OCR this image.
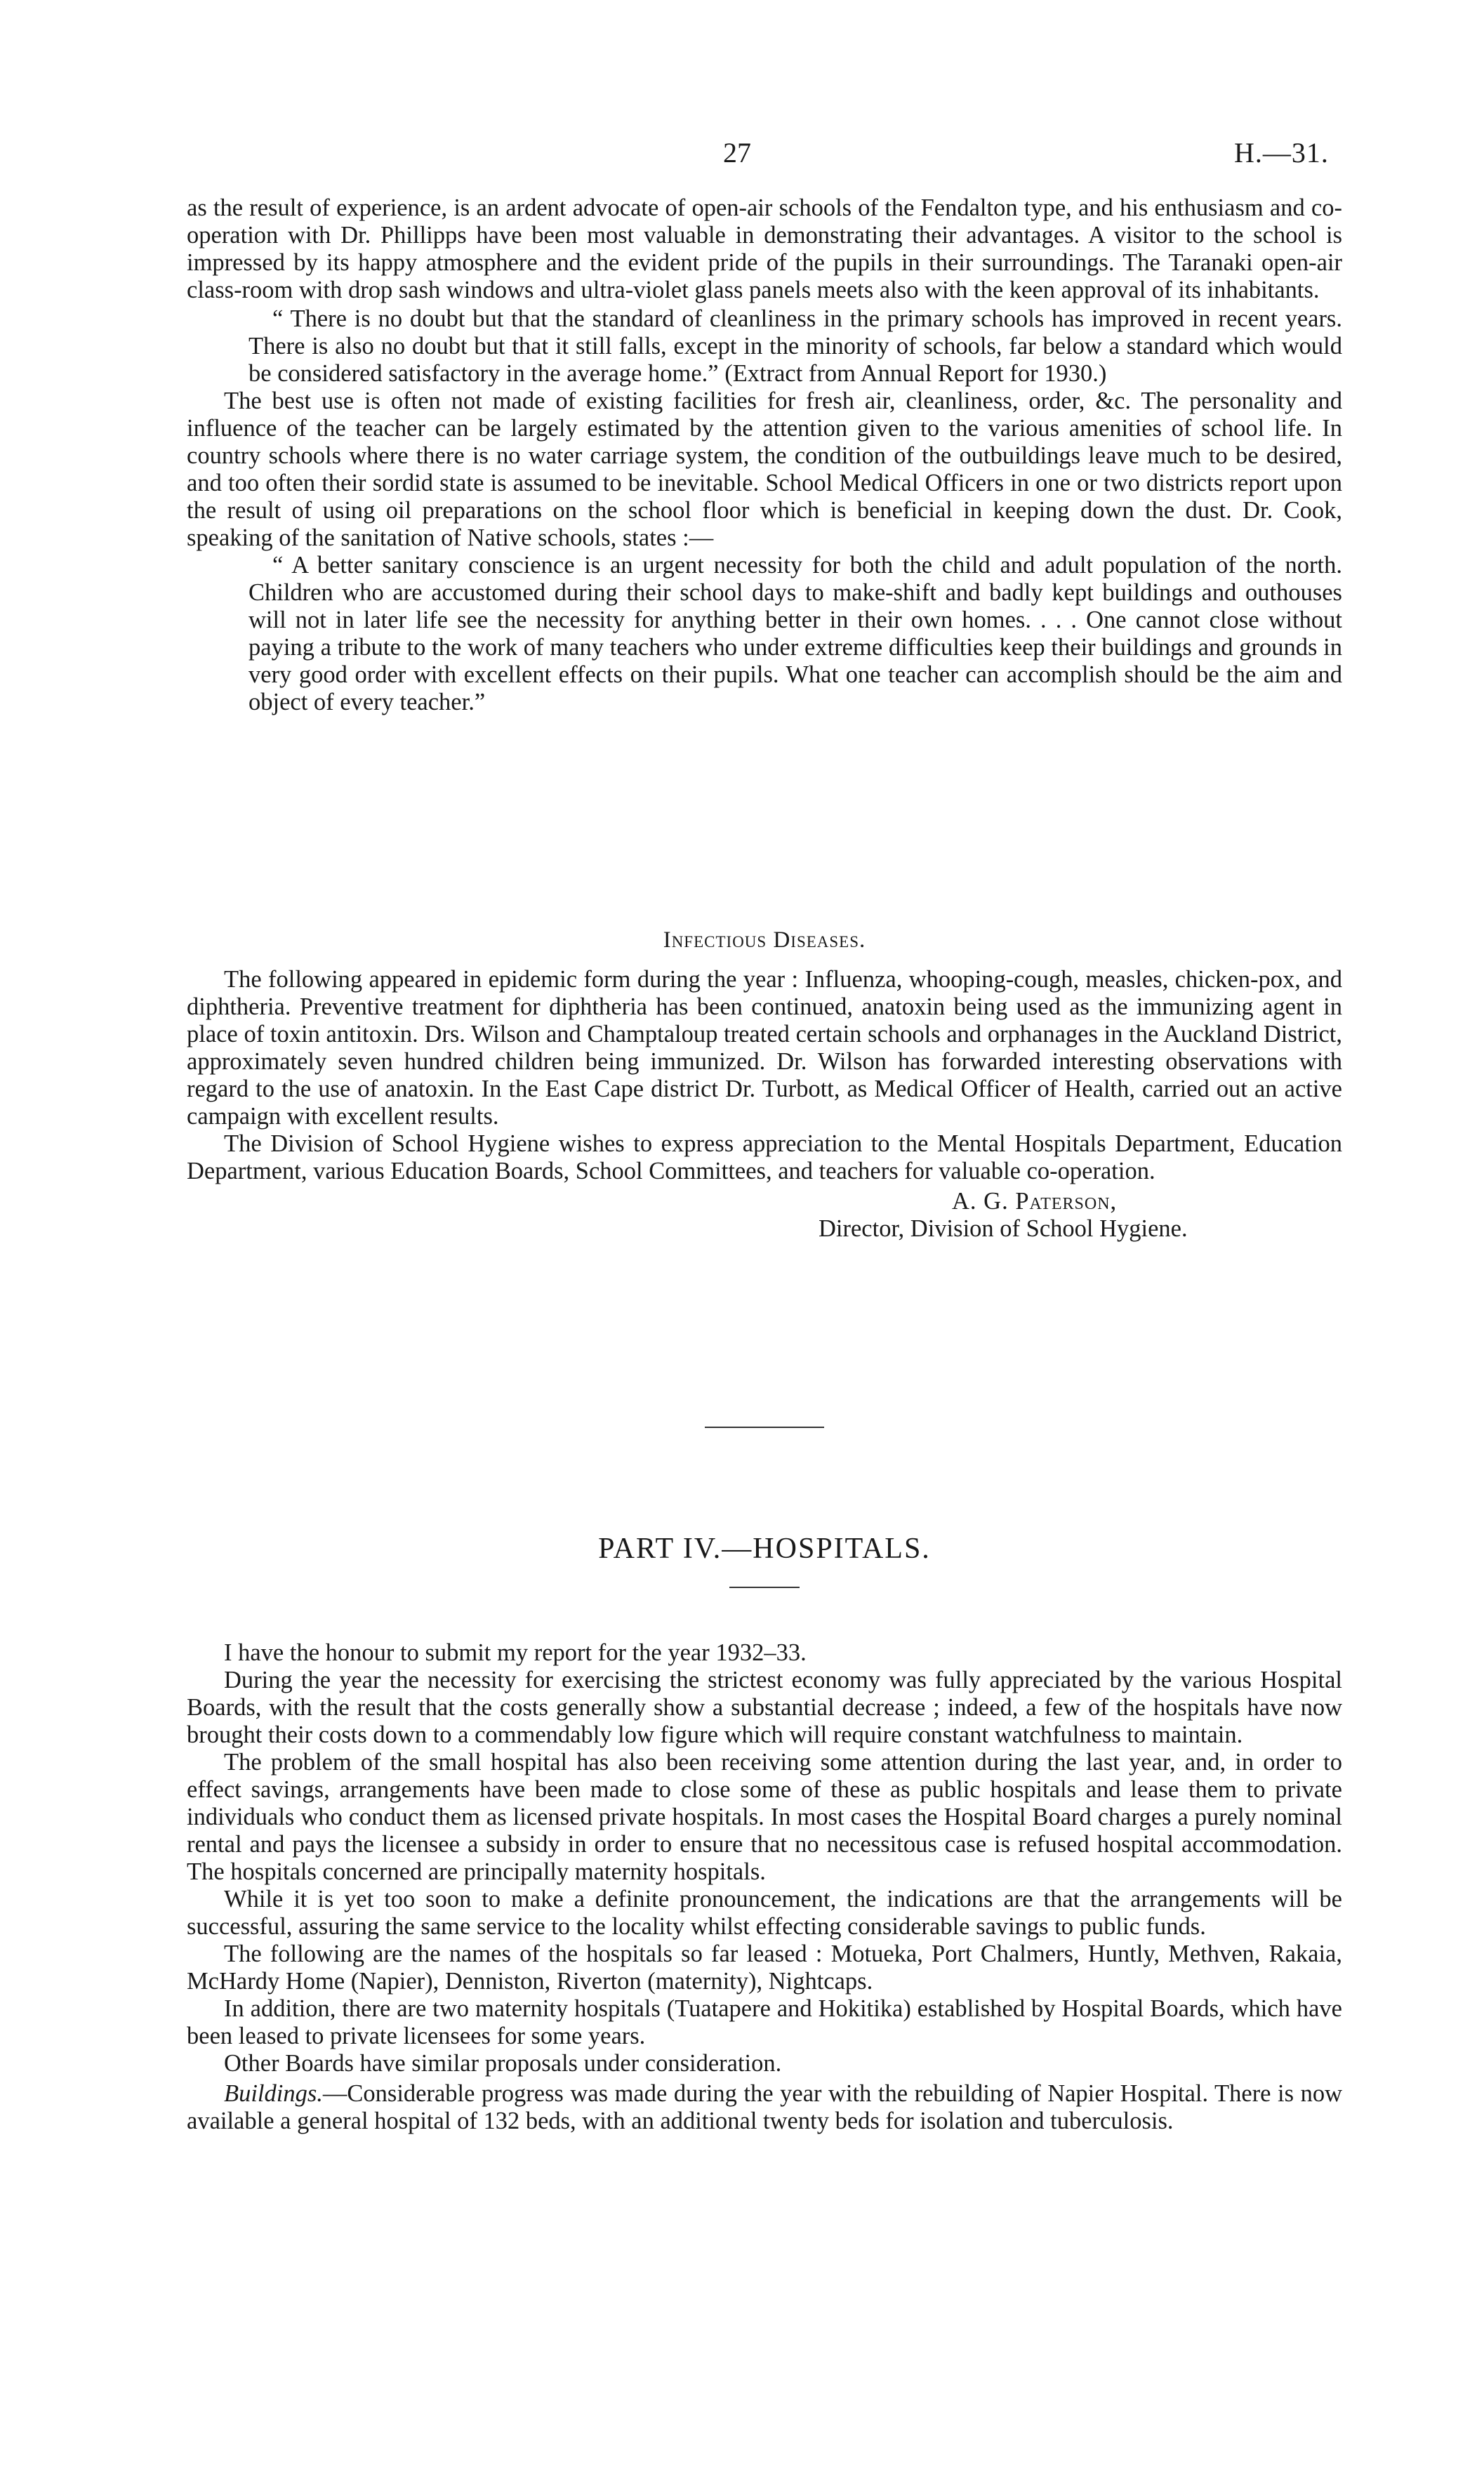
27	H.—31.

as the result of experience, is an ardent advocate of open-air schools of the Fendalton type, and his enthusiasm and co-operation with Dr. Phillipps have been most valuable in demonstrating their advantages. A visitor to the school is impressed by its happy atmosphere and the evident pride of the pupils in their surroundings. The Taranaki open-air class-room with drop sash windows and ultra-violet glass panels meets also with the keen approval of its inhabitants.

“ There is no doubt but that the standard of cleanliness in the primary schools has improved in recent years. There is also no doubt but that it still falls, except in the minority of schools, far below a standard which would be considered satisfactory in the average home.” (Extract from Annual Report for 1930.)

The best use is often not made of existing facilities for fresh air, cleanliness, order, &c. The personality and influence of the teacher can be largely estimated by the attention given to the various amenities of school life. In country schools where there is no water carriage system, the condition of the outbuildings leave much to be desired, and too often their sordid state is assumed to be inevitable. School Medical Officers in one or two districts report upon the result of using oil preparations on the school floor which is beneficial in keeping down the dust. Dr. Cook, speaking of the sanitation of Native schools, states :—

“ A better sanitary conscience is an urgent necessity for both the child and adult population of the north. Children who are accustomed during their school days to make-shift and badly kept buildings and outhouses will not in later life see the necessity for anything better in their own homes. . . . One cannot close without paying a tribute to the work of many teachers who under extreme difficulties keep their buildings and grounds in very good order with excellent effects on their pupils. What one teacher can accomplish should be the aim and object of every teacher.”

Infectious Diseases.

The following appeared in epidemic form during the year : Influenza, whooping-cough, measles, chicken-pox, and diphtheria. Preventive treatment for diphtheria has been continued, anatoxin being used as the immunizing agent in place of toxin antitoxin. Drs. Wilson and Champtaloup treated certain schools and orphanages in the Auckland District, approximately seven hundred children being immunized. Dr. Wilson has forwarded interesting observations with regard to the use of anatoxin. In the East Cape district Dr. Turbott, as Medical Officer of Health, carried out an active campaign with excellent results.

The Division of School Hygiene wishes to express appreciation to the Mental Hospitals Department, Education Department, various Education Boards, School Committees, and teachers for valuable co-operation.

A. G. Paterson,
Director, Division of School Hygiene.

PART IV.—HOSPITALS.

I have the honour to submit my report for the year 1932–33.

During the year the necessity for exercising the strictest economy was fully appreciated by the various Hospital Boards, with the result that the costs generally show a substantial decrease ; indeed, a few of the hospitals have now brought their costs down to a commendably low figure which will require constant watchfulness to maintain.

The problem of the small hospital has also been receiving some attention during the last year, and, in order to effect savings, arrangements have been made to close some of these as public hospitals and lease them to private individuals who conduct them as licensed private hospitals. In most cases the Hospital Board charges a purely nominal rental and pays the licensee a subsidy in order to ensure that no necessitous case is refused hospital accommodation. The hospitals concerned are principally maternity hospitals.

While it is yet too soon to make a definite pronouncement, the indications are that the arrangements will be successful, assuring the same service to the locality whilst effecting considerable savings to public funds.

The following are the names of the hospitals so far leased : Motueka, Port Chalmers, Huntly, Methven, Rakaia, McHardy Home (Napier), Denniston, Riverton (maternity), Nightcaps.

In addition, there are two maternity hospitals (Tuatapere and Hokitika) established by Hospital Boards, which have been leased to private licensees for some years.

Other Boards have similar proposals under consideration.

Buildings.—Considerable progress was made during the year with the rebuilding of Napier Hospital. There is now available a general hospital of 132 beds, with an additional twenty beds for isolation and tuberculosis.
